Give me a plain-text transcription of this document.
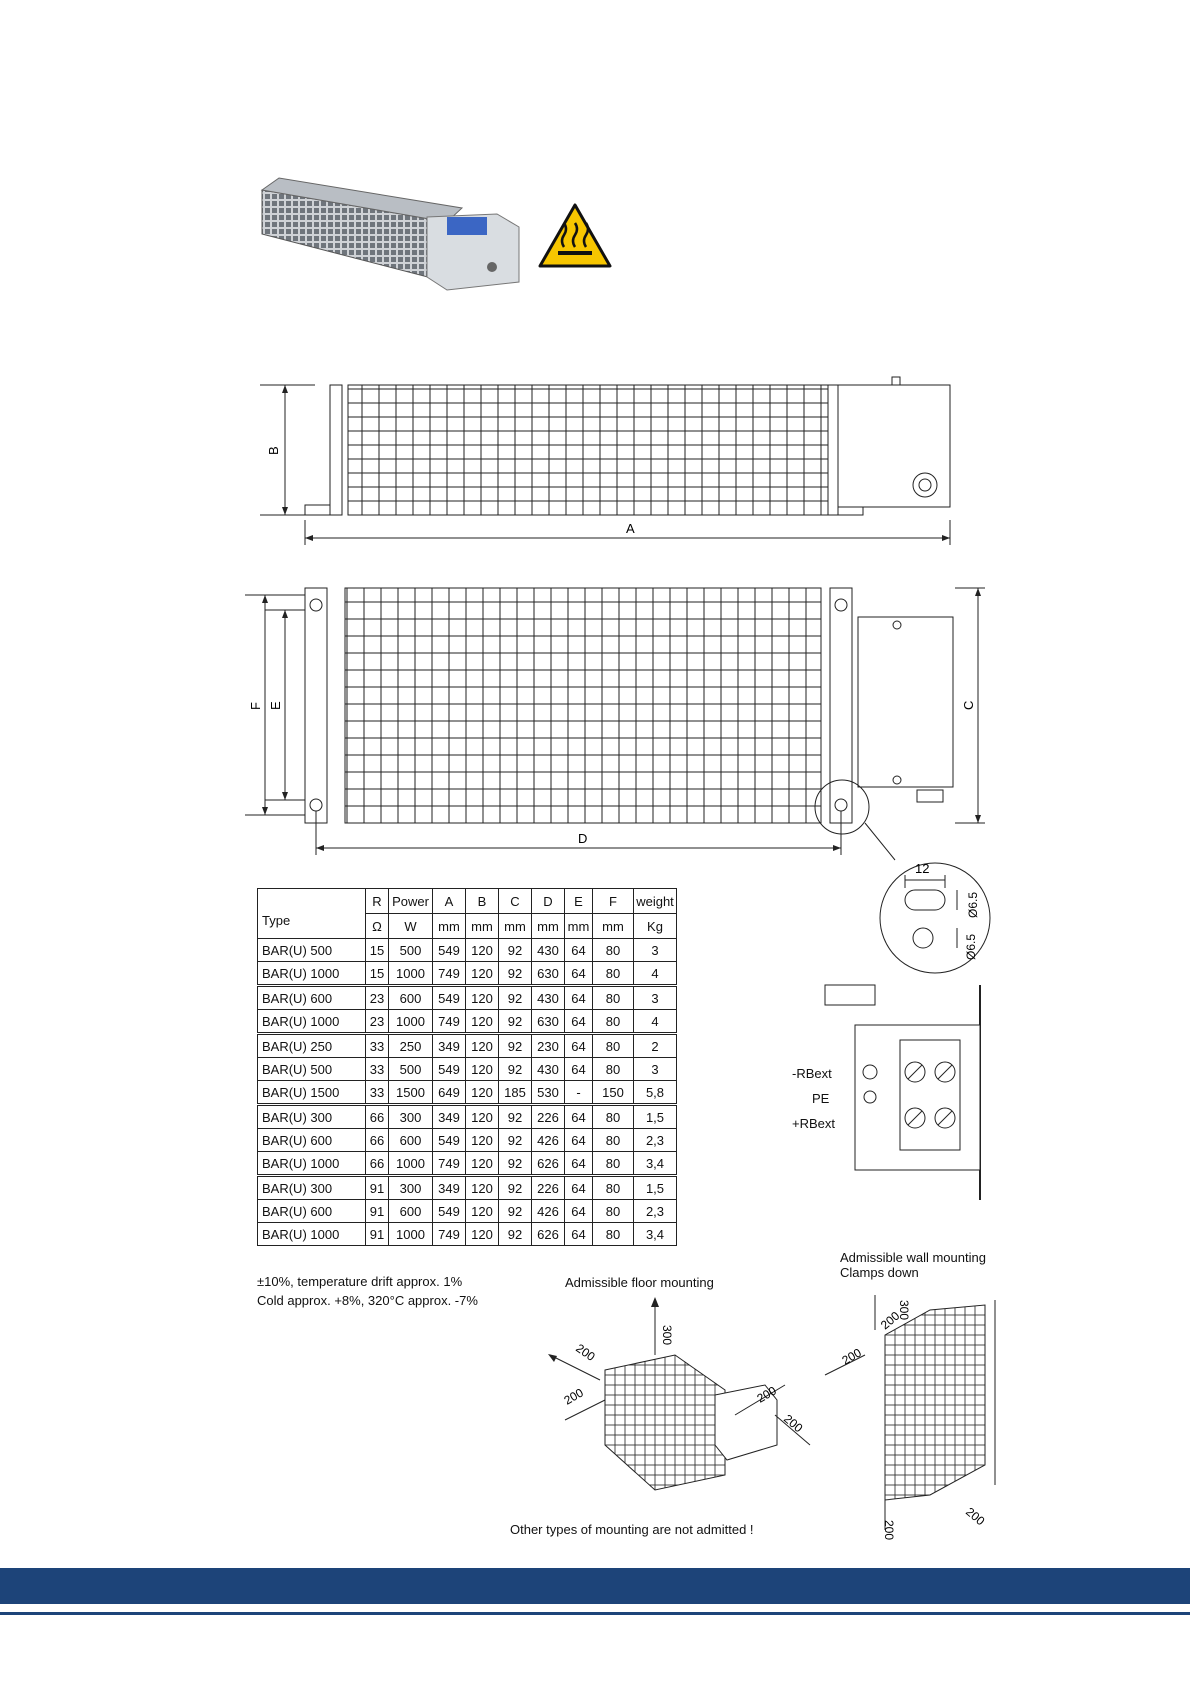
B
A
F E	C
D
12
Ø6.5
Ø6.5
-RBext
PE
+RBext
Type	R	Power	A	B	C	D	E	F	weight
	Ω	W	mm	mm	mm	mm	mm	mm	Kg
BAR(U) 500	15	500	549	120	92	430	64	80	3
BAR(U) 1000	15	1000	749	120	92	630	64	80	4
BAR(U) 600	23	600	549	120	92	430	64	80	3
BAR(U) 1000	23	1000	749	120	92	630	64	80	4
BAR(U) 250	33	250	349	120	92	230	64	80	2
BAR(U) 500	33	500	549	120	92	430	64	80	3
BAR(U) 1500	33	1500	649	120	185	530	-	150	5,8
BAR(U) 300	66	300	349	120	92	226	64	80	1,5
BAR(U) 600	66	600	549	120	92	426	64	80	2,3
BAR(U) 1000	66	1000	749	120	92	626	64	80	3,4
BAR(U) 300	91	300	349	120	92	226	64	80	1,5
BAR(U) 600	91	600	549	120	92	426	64	80	2,3
BAR(U) 1000	91	1000	749	120	92	626	64	80	3,4
±10%, temperature drift approx. 1%
Cold approx. +8%, 320°C approx. -7%
Admissible floor mounting
300
200
200	200
200
Admissible wall mounting
Clamps down
300
200
200
200
200
Other types of mounting are not admitted !
